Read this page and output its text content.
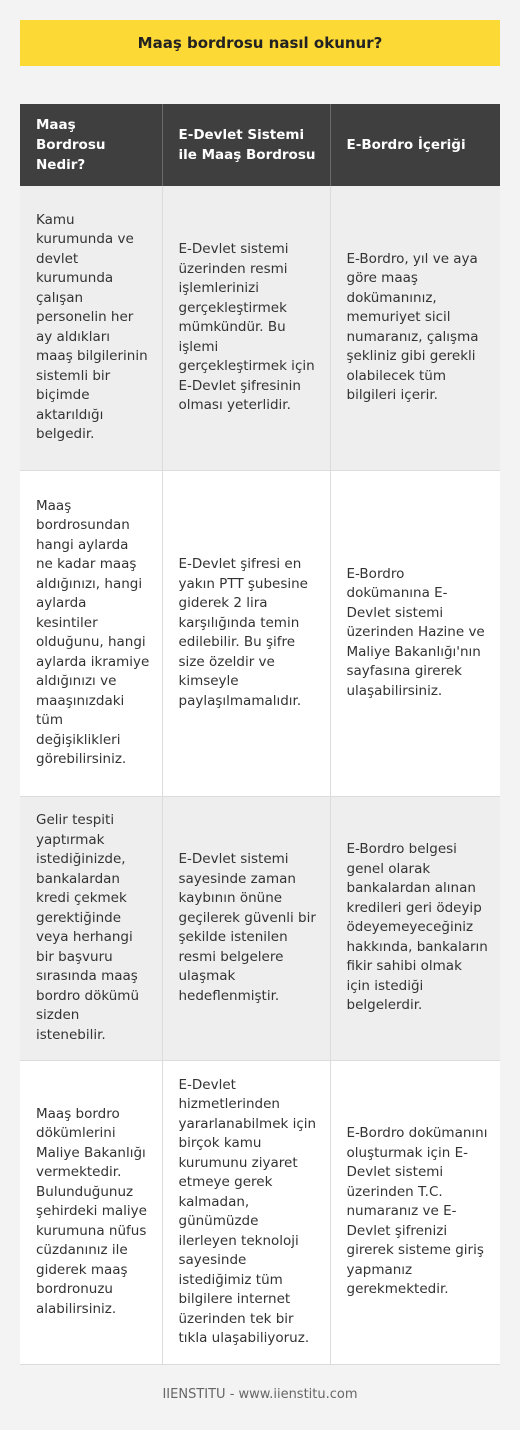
Maaş bordrosu nasıl okunur?
Maaş Bordrosu Nedir?	E-Devlet Sistemi ile Maaş Bordrosu	E-Bordro İçeriği
Kamu kurumunda ve devlet kurumunda çalışan personelin her ay aldıkları maaş bilgilerinin sistemli bir biçimde aktarıldığı belgedir.	E-Devlet sistemi üzerinden resmi işlemlerinizi gerçekleştirmek mümkündür. Bu işlemi gerçekleştirmek için E-Devlet şifresinin olması yeterlidir.	E-Bordro, yıl ve aya göre maaş dokümanınız, memuriyet sicil numaranız, çalışma şekliniz gibi gerekli olabilecek tüm bilgileri içerir.
Maaş bordrosundan hangi aylarda ne kadar maaş aldığınızı, hangi aylarda kesintiler olduğunu, hangi aylarda ikramiye aldığınızı ve maaşınızdaki tüm değişiklikleri görebilirsiniz.	E-Devlet şifresi en yakın PTT şubesine giderek 2 lira karşılığında temin edilebilir. Bu şifre size özeldir ve kimseyle paylaşılmamalıdır.	E-Bordro dokümanına E-Devlet sistemi üzerinden Hazine ve Maliye Bakanlığı'nın sayfasına girerek ulaşabilirsiniz.
Gelir tespiti yaptırmak istediğinizde, bankalardan kredi çekmek gerektiğinde veya herhangi bir başvuru sırasında maaş bordro dökümü sizden istenebilir.	E-Devlet sistemi sayesinde zaman kaybının önüne geçilerek güvenli bir şekilde istenilen resmi belgelere ulaşmak hedeflenmiştir.	E-Bordro belgesi genel olarak bankalardan alınan kredileri geri ödeyip ödeyemeyeceğiniz hakkında, bankaların fikir sahibi olmak için istediği belgelerdir.
Maaş bordro dökümlerini Maliye Bakanlığı vermektedir. Bulunduğunuz şehirdeki maliye kurumuna nüfus cüzdanınız ile giderek maaş bordronuzu alabilirsiniz.	E-Devlet hizmetlerinden yararlanabilmek için birçok kamu kurumunu ziyaret etmeye gerek kalmadan, günümüzde ilerleyen teknoloji sayesinde istediğimiz tüm bilgilere internet üzerinden tek bir tıkla ulaşabiliyoruz.	E-Bordro dokümanını oluşturmak için E-Devlet sistemi üzerinden T.C. numaranız ve E-Devlet şifrenizi girerek sisteme giriş yapmanız gerekmektedir.
IIENSTITU - www.iienstitu.com
